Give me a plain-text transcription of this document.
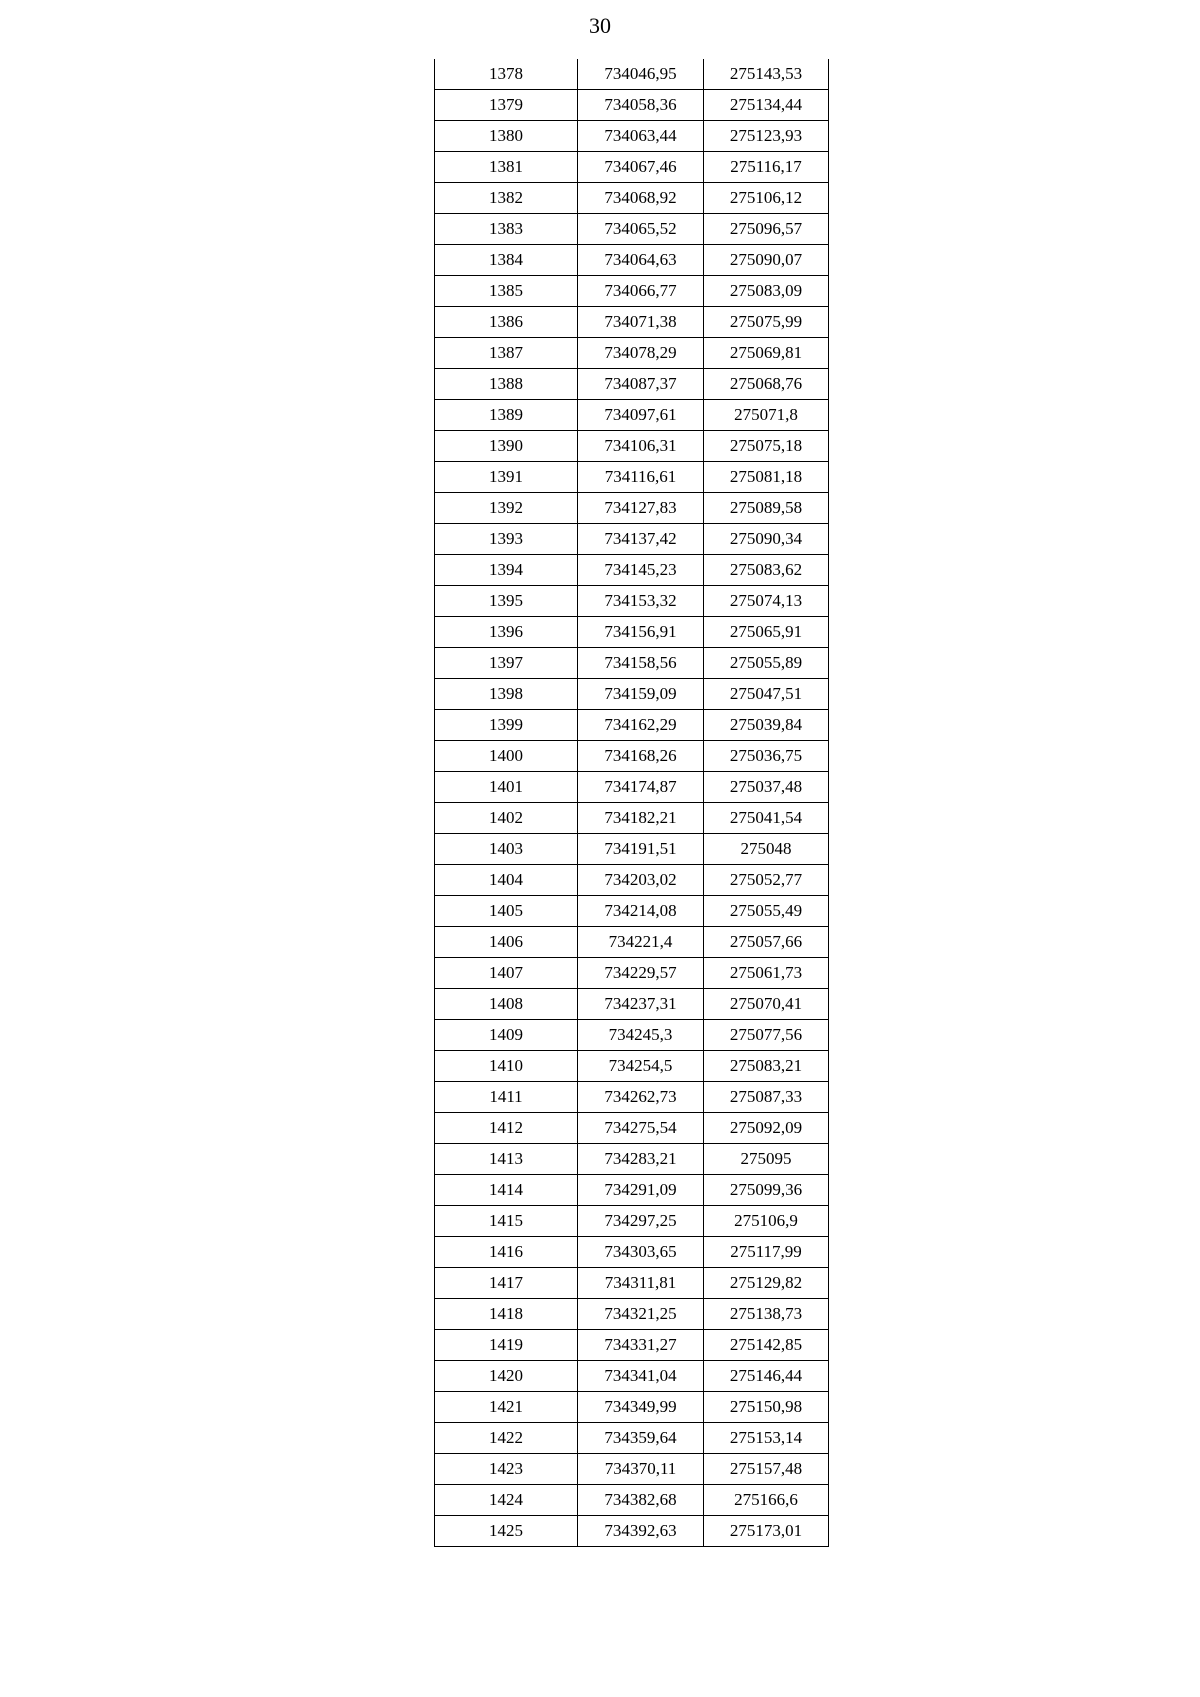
30
1378	734046,95	275143,53
1379	734058,36	275134,44
1380	734063,44	275123,93
1381	734067,46	275116,17
1382	734068,92	275106,12
1383	734065,52	275096,57
1384	734064,63	275090,07
1385	734066,77	275083,09
1386	734071,38	275075,99
1387	734078,29	275069,81
1388	734087,37	275068,76
1389	734097,61	275071,8
1390	734106,31	275075,18
1391	734116,61	275081,18
1392	734127,83	275089,58
1393	734137,42	275090,34
1394	734145,23	275083,62
1395	734153,32	275074,13
1396	734156,91	275065,91
1397	734158,56	275055,89
1398	734159,09	275047,51
1399	734162,29	275039,84
1400	734168,26	275036,75
1401	734174,87	275037,48
1402	734182,21	275041,54
1403	734191,51	275048
1404	734203,02	275052,77
1405	734214,08	275055,49
1406	734221,4	275057,66
1407	734229,57	275061,73
1408	734237,31	275070,41
1409	734245,3	275077,56
1410	734254,5	275083,21
1411	734262,73	275087,33
1412	734275,54	275092,09
1413	734283,21	275095
1414	734291,09	275099,36
1415	734297,25	275106,9
1416	734303,65	275117,99
1417	734311,81	275129,82
1418	734321,25	275138,73
1419	734331,27	275142,85
1420	734341,04	275146,44
1421	734349,99	275150,98
1422	734359,64	275153,14
1423	734370,11	275157,48
1424	734382,68	275166,6
1425	734392,63	275173,01
